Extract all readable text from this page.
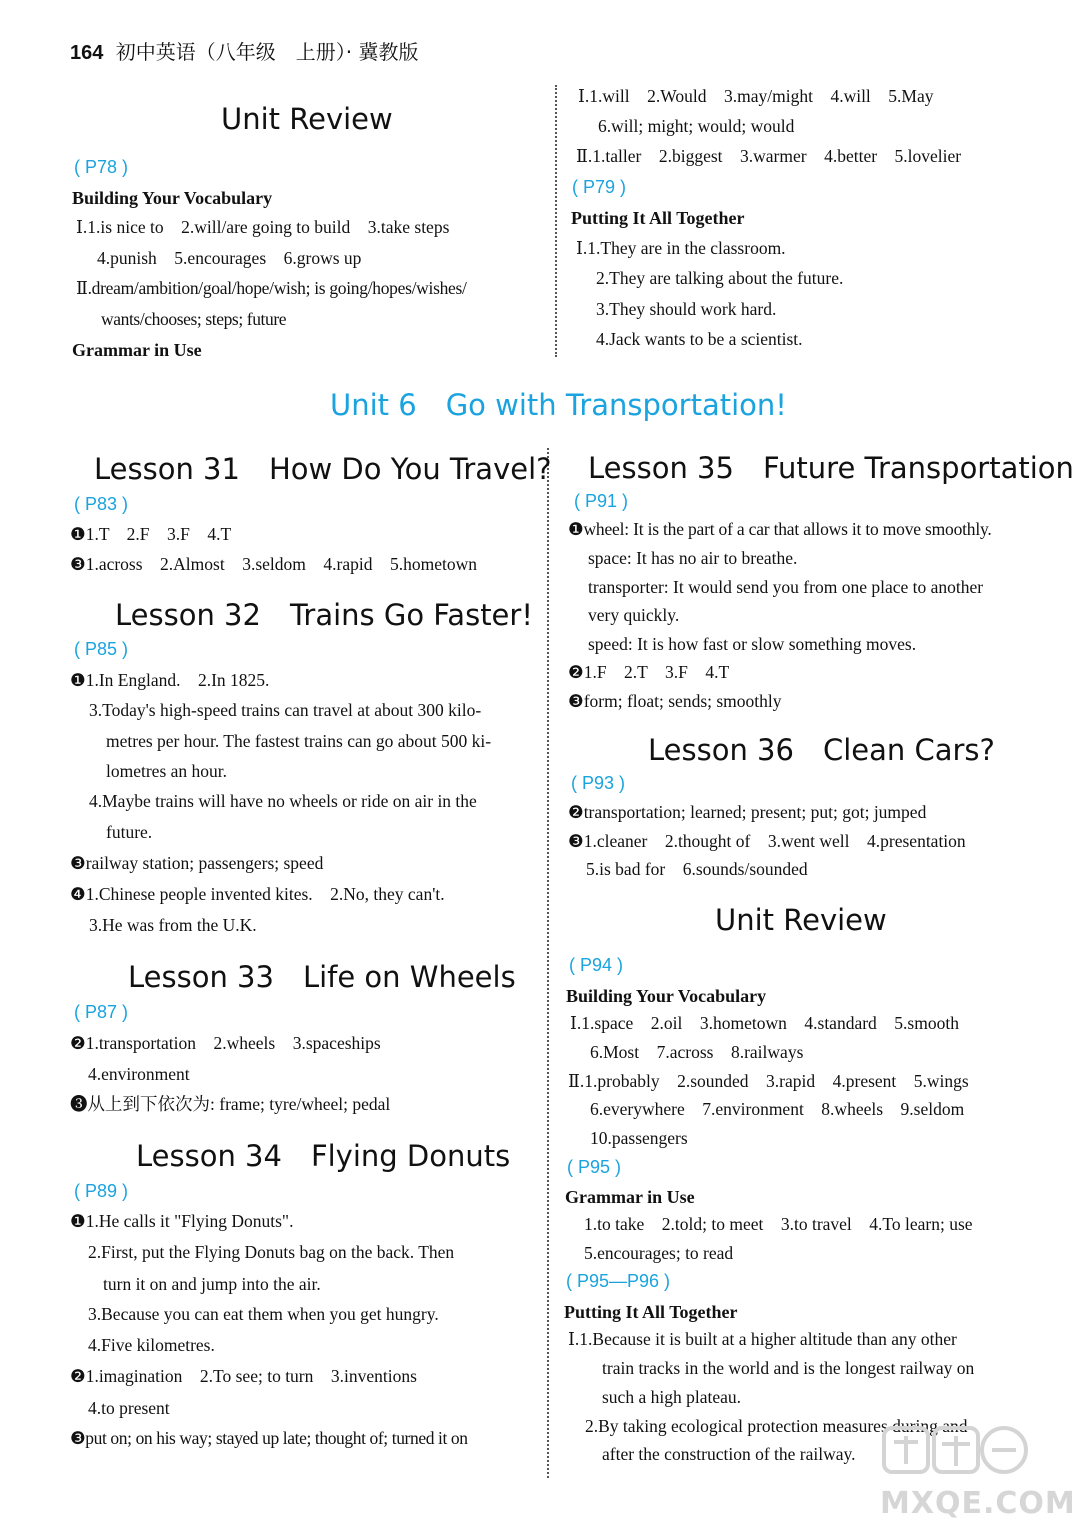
164 初中英语（八年级　上册）· 冀教版
Unit Review
( P78 )
Building Your Vocabulary
Ⅰ.1.is nice to　2.will/are going to build　3.take steps
4.punish　5.encourages　6.grows up
Ⅱ.dream/ambition/goal/hope/wish; is going/hopes/wishes/
wants/chooses; steps; future
Grammar in Use
Ⅰ.1.will　2.Would　3.may/might　4.will　5.May
6.will; might; would; would
Ⅱ.1.taller　2.biggest　3.warmer　4.better　5.lovelier
( P79 )
Putting It All Together
Ⅰ.1.They are in the classroom.
2.They are talking about the future.
3.They should work hard.
4.Jack wants to be a scientist.
Unit 6　Go with Transportation!
Lesson 31　How Do You Travel?
( P83 )
❶1.T　2.F　3.F　4.T
❸1.across　2.Almost　3.seldom　4.rapid　5.hometown
Lesson 32　Trains Go Faster!
( P85 )
❶1.In England.　2.In 1825.
3.Today's high-speed trains can travel at about 300 kilo-
metres per hour. The fastest trains can go about 500 ki-
lometres an hour.
4.Maybe trains will have no wheels or ride on air in the
future.
❸railway station; passengers; speed
❹1.Chinese people invented kites.　2.No, they can't.
3.He was from the U.K.
Lesson 33　Life on Wheels
( P87 )
❷1.transportation　2.wheels　3.spaceships
4.environment
❸从上到下依次为: frame; tyre/wheel; pedal
Lesson 34　Flying Donuts
( P89 )
❶1.He calls it "Flying Donuts".
2.First, put the Flying Donuts bag on the back. Then
turn it on and jump into the air.
3.Because you can eat them when you get hungry.
4.Five kilometres.
❷1.imagination　2.To see; to turn　3.inventions
4.to present
❸put on; on his way; stayed up late; thought of; turned it on
Lesson 35　Future Transportation
( P91 )
❶wheel: It is the part of a car that allows it to move smoothly.
space: It has no air to breathe.
transporter: It would send you from one place to another
very quickly.
speed: It is how fast or slow something moves.
❷1.F　2.T　3.F　4.T
❸form; float; sends; smoothly
Lesson 36　Clean Cars?
( P93 )
❷transportation; learned; present; put; got; jumped
❸1.cleaner　2.thought of　3.went well　4.presentation
5.is bad for　6.sounds/sounded
Unit Review
( P94 )
Building Your Vocabulary
Ⅰ.1.space　2.oil　3.hometown　4.standard　5.smooth
6.Most　7.across　8.railways
Ⅱ.1.probably　2.sounded　3.rapid　4.present　5.wings
6.everywhere　7.environment　8.wheels　9.seldom
10.passengers
( P95 )
Grammar in Use
1.to take　2.told; to meet　3.to travel　4.To learn; use
5.encourages; to read
( P95—P96 )
Putting It All Together
Ⅰ.1.Because it is built at a higher altitude than any other
train tracks in the world and is the longest railway on
such a high plateau.
2.By taking ecological protection measures during and
after the construction of the railway.
MXQE.COM
